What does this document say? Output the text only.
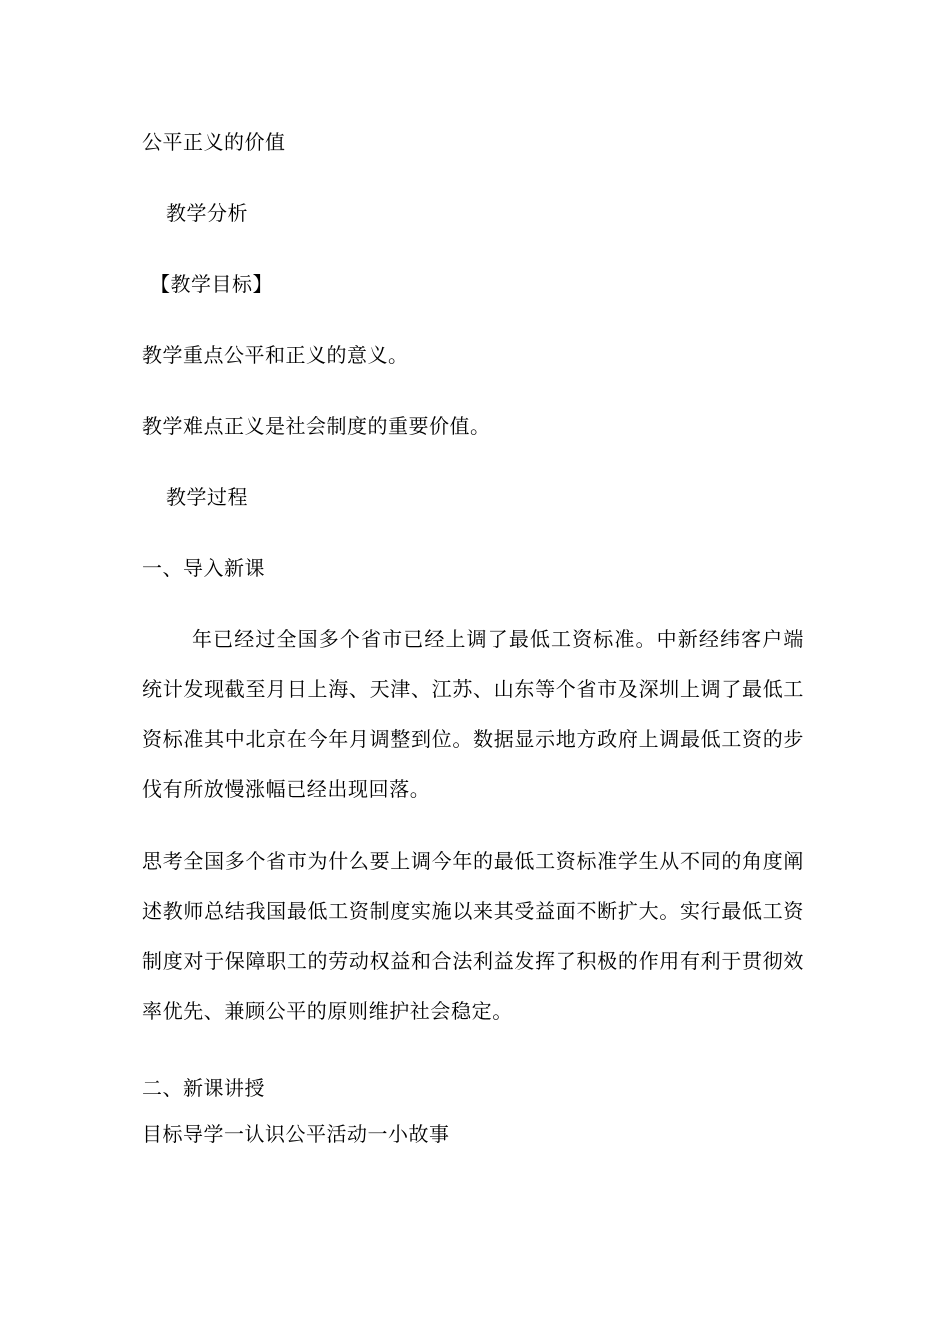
公平正义的价值
教学分析
【教学目标】
教学重点公平和正义的意义。
教学难点正义是社会制度的重要价值。
教学过程
一、导入新课
年已经过全国多个省市已经上调了最低工资标准。中新经纬客户端统计发现截至月日上海、天津、江苏、山东等个省市及深圳上调了最低工资标准其中北京在今年月调整到位。数据显示地方政府上调最低工资的步伐有所放慢涨幅已经出现回落。
思考全国多个省市为什么要上调今年的最低工资标准学生从不同的角度阐述教师总结我国最低工资制度实施以来其受益面不断扩大。实行最低工资制度对于保障职工的劳动权益和合法利益发挥了积极的作用有利于贯彻效率优先、兼顾公平的原则维护社会稳定。
二、新课讲授
目标导学一认识公平活动一小故事
